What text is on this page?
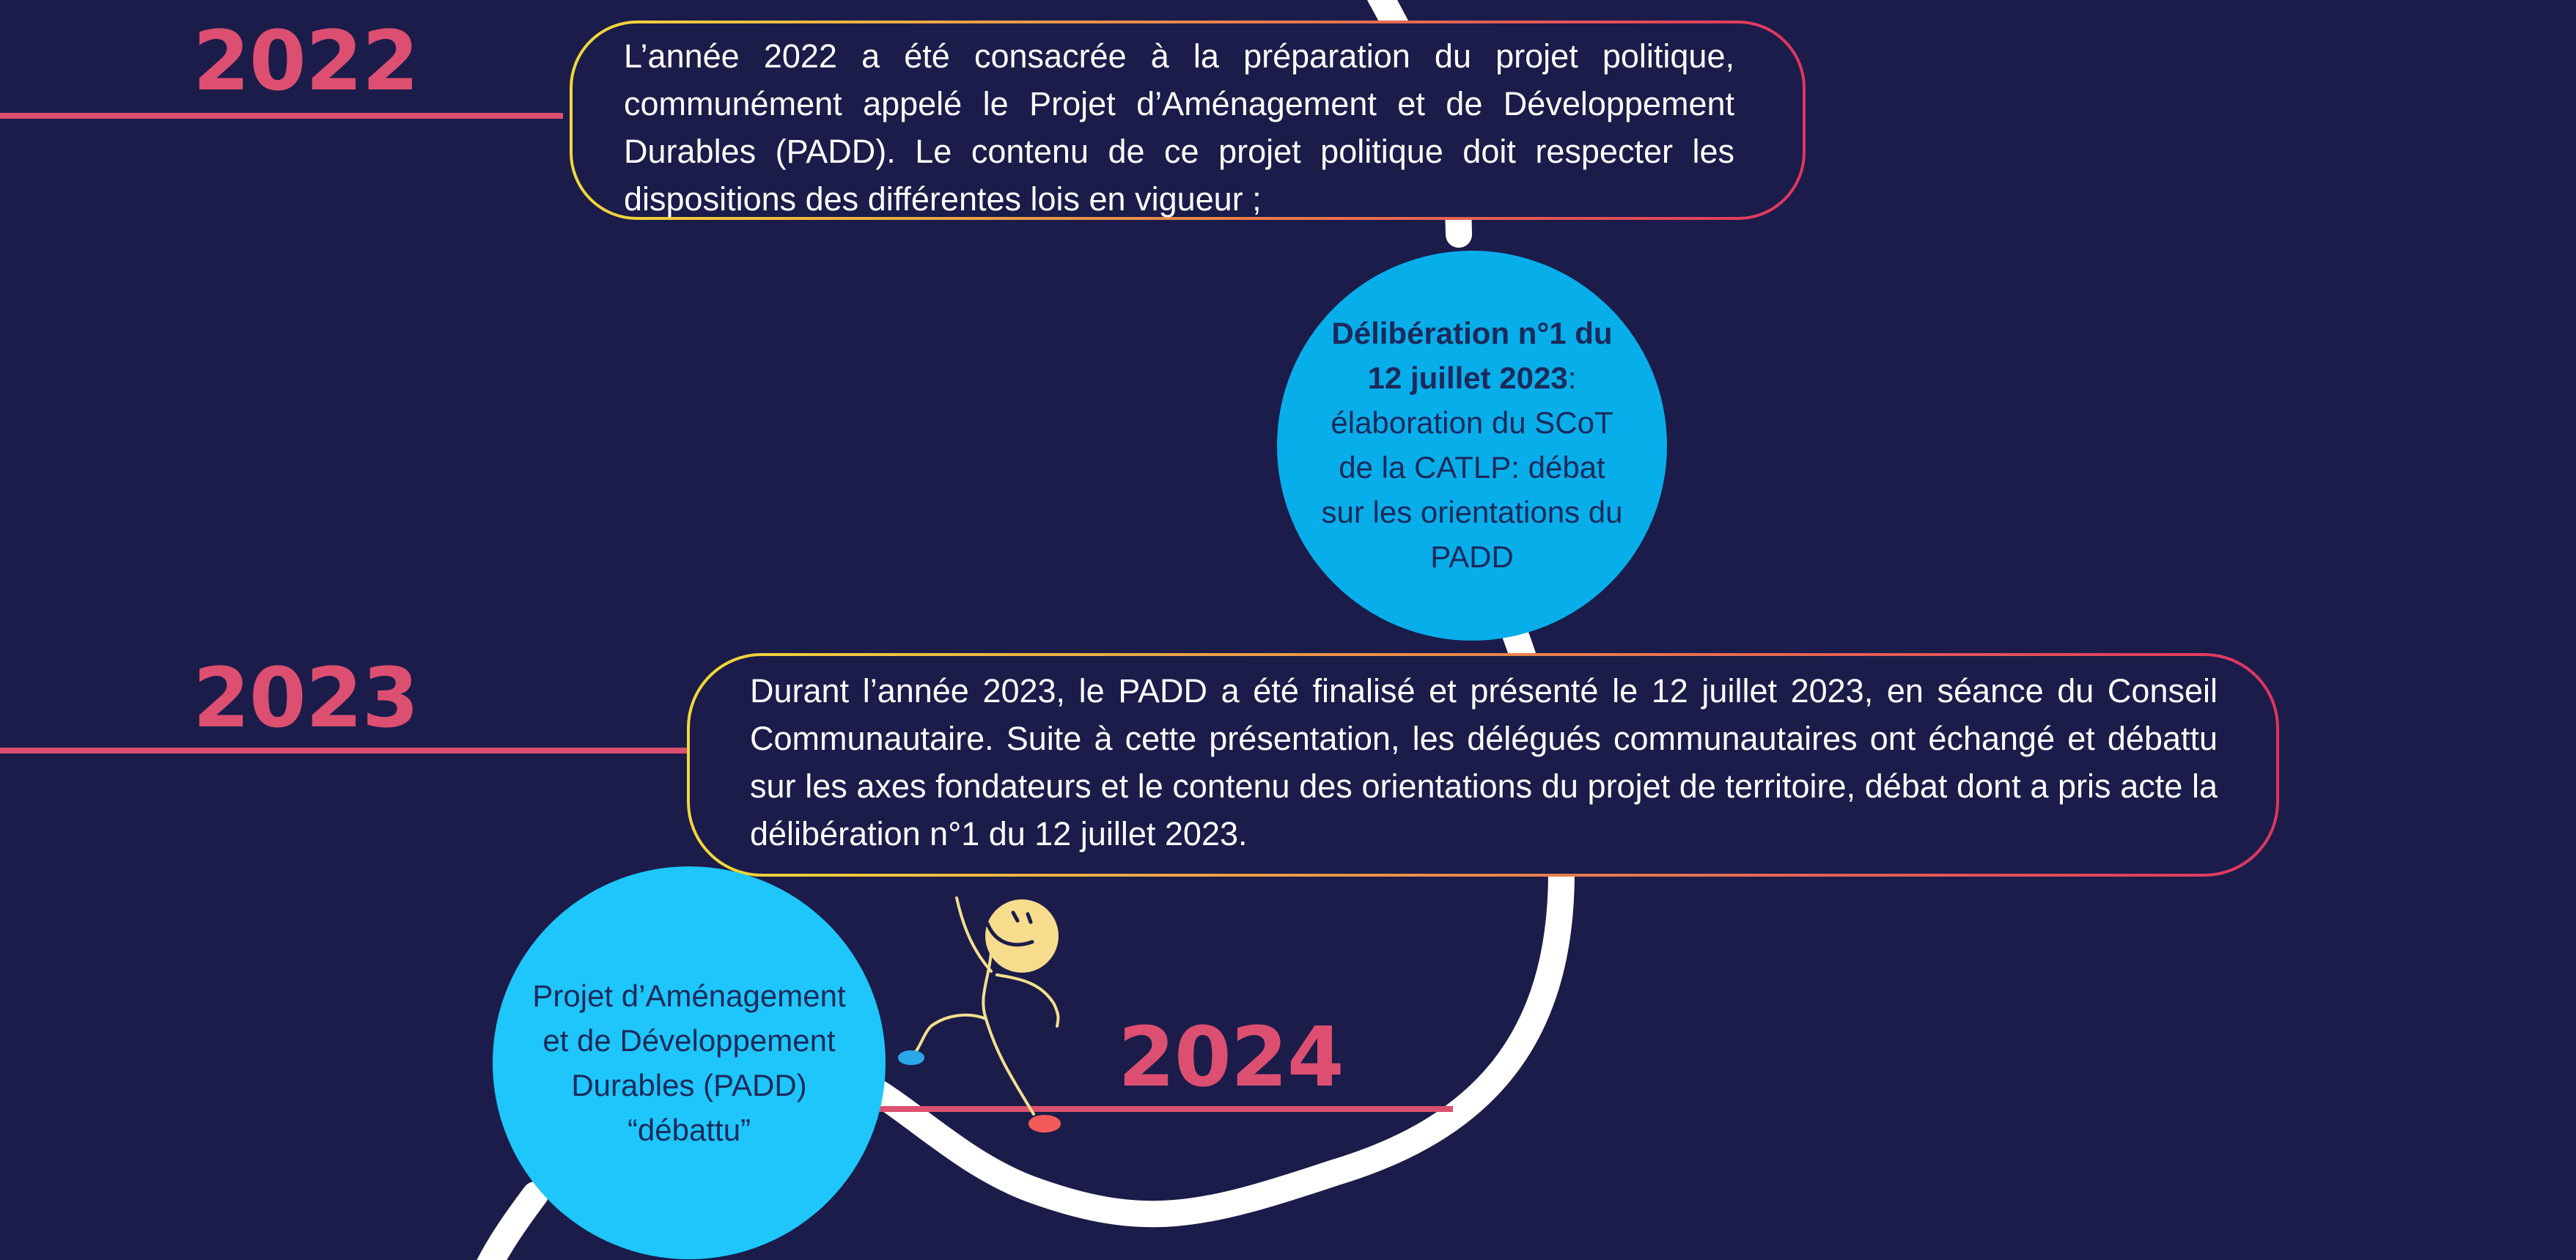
2022
2023
2024

L’année 2022 a été consacrée à la préparation du projet politique, communément appelé le Projet d’Aménagement et de Développement Durables (PADD). Le contenu de ce projet politique doit respecter les dispositions des différentes lois en vigueur ;

Durant l’année 2023, le PADD a été finalisé et présenté le 12 juillet 2023, en séance du Conseil Communautaire. Suite à cette présentation, les délégués communautaires ont échangé et débattu sur les axes fondateurs et le contenu des orientations du projet de territoire, débat dont a pris acte la délibération n°1 du 12 juillet 2023.

Délibération n°1 du 12 juillet 2023: élaboration du SCoT de la CATLP: débat sur les orientations du PADD
Projet d’Aménagement et de Développement Durables (PADD) “débattu”
